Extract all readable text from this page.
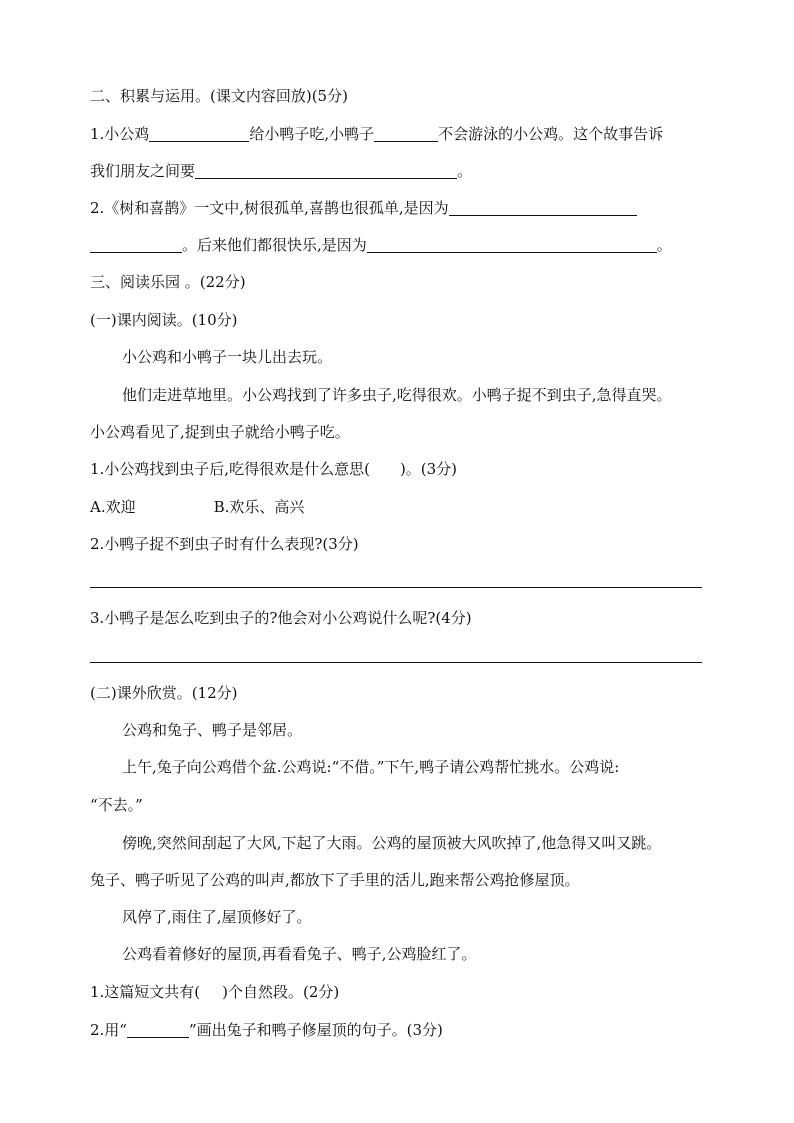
二、积累与运用。(课文内容回放)(5分)
1.小公鸡	给小鸭子吃,小鸭子	不会游泳的小公鸡。这个故事告诉
我们朋友之间要	。
2.《树和喜鹊》一文中,树很孤单,喜鹊也很孤单,是因为
。后来他们都很快乐,是因为	。
三、阅读乐园 。(22分)
(一)课内阅读。(10分)
小公鸡和小鸭子一块儿出去玩。
他们走进草地里。小公鸡找到了许多虫子,吃得很欢。小鸭子捉不到虫子,急得直哭。
小公鸡看见了,捉到虫子就给小鸭子吃。
1.小公鸡找到虫子后,吃得很欢是什么意思( )。(3分)
A.欢迎	B.欢乐、高兴
2.小鸭子捉不到虫子时有什么表现?(3分)
3.小鸭子是怎么吃到虫子的?他会对小公鸡说什么呢?(4分)
(二)课外欣赏。(12分)
公鸡和兔子、鸭子是邻居。
上午,兔子向公鸡借个盆.公鸡说:“不借。”下午,鸭子请公鸡帮忙挑水。公鸡说:
“不去。”
傍晚,突然间刮起了大风,下起了大雨。公鸡的屋顶被大风吹掉了,他急得又叫又跳。
兔子、鸭子听见了公鸡的叫声,都放下了手里的活儿,跑来帮公鸡抢修屋顶。
风停了,雨住了,屋顶修好了。
公鸡看着修好的屋顶,再看看兔子、鸭子,公鸡脸红了。
1.这篇短文共有( )个自然段。(2分)
2.用“	”画出兔子和鸭子修屋顶的句子。(3分)
